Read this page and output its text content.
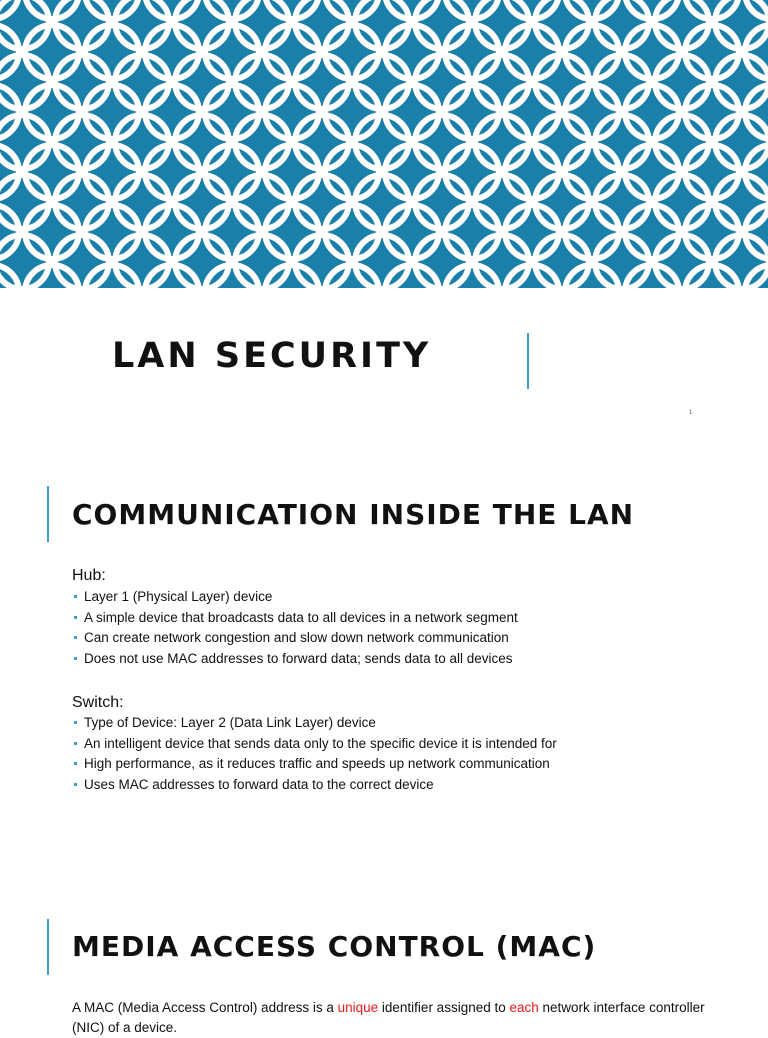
LAN SECURITY
1
COMMUNICATION INSIDE THE LAN
Hub:
Layer 1 (Physical Layer) device
A simple device that broadcasts data to all devices in a network segment
Can create network congestion and slow down network communication
Does not use MAC addresses to forward data; sends data to all devices
Switch:
Type of Device: Layer 2 (Data Link Layer) device
An intelligent device that sends data only to the specific device it is intended for
High performance, as it reduces traffic and speeds up network communication
Uses MAC addresses to forward data to the correct device
MEDIA ACCESS CONTROL (MAC)

A MAC (Media Access Control) address is a unique identifier assigned to each network interface controller (NIC) of a device.
